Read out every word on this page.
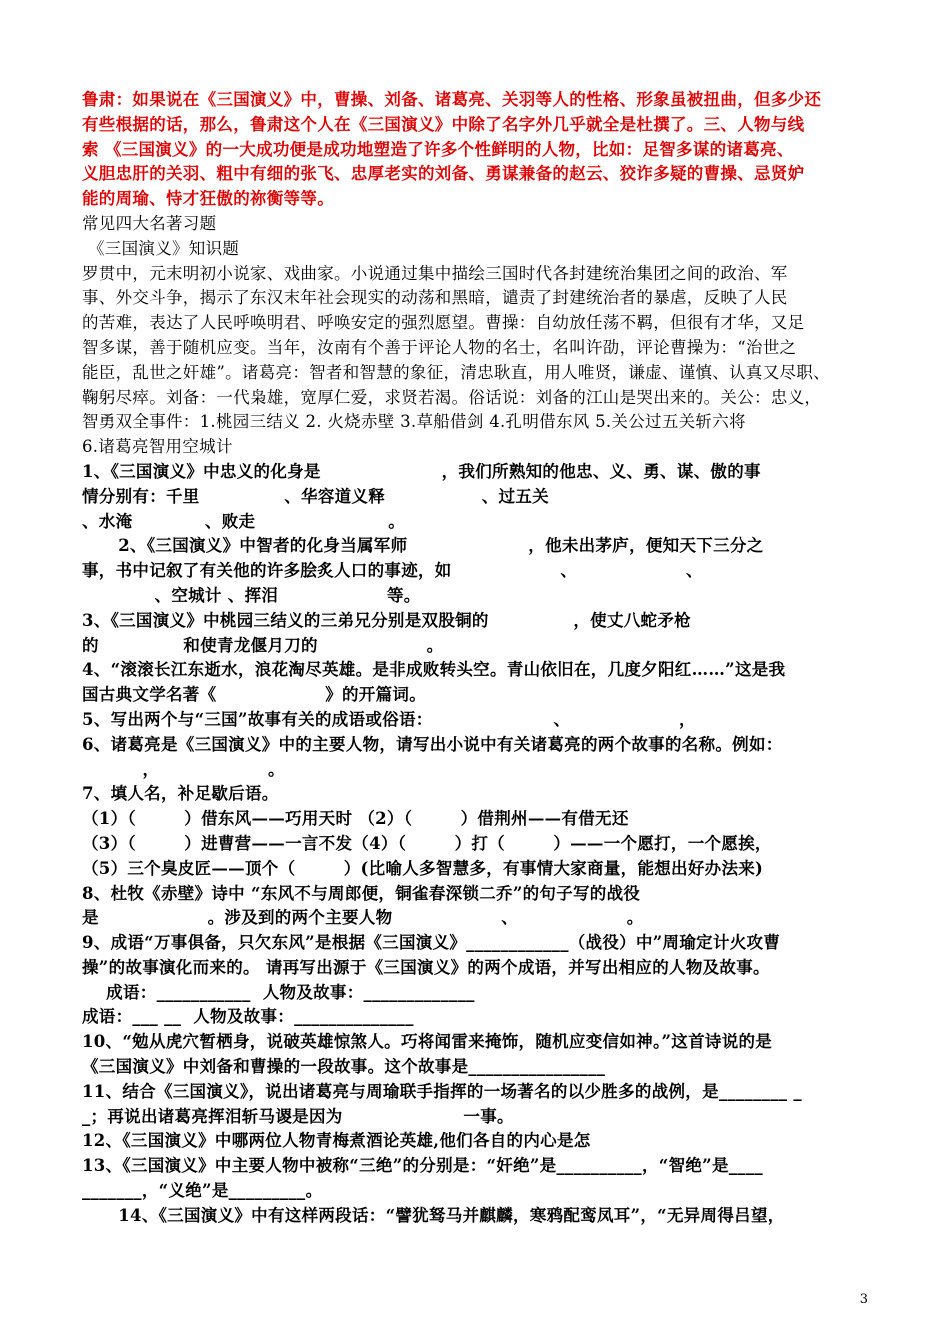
鲁肃：如果说在《三国演义》中，曹操、刘备、诸葛亮、关羽等人的性格、形象虽被扭曲，但多少还
有些根据的话，那么，鲁肃这个人在《三国演义》中除了名字外几乎就全是杜撰了。三、人物与线
索 《三国演义》的一大成功便是成功地塑造了许多个性鲜明的人物，比如：足智多谋的诸葛亮、
义胆忠肝的关羽、粗中有细的张飞、忠厚老实的刘备、勇谋兼备的赵云、狡诈多疑的曹操、忌贤妒
能的周瑜、恃才狂傲的祢衡等等。
常见四大名著习题
《三国演义》知识题
罗贯中，元末明初小说家、戏曲家。小说通过集中描绘三国时代各封建统治集团之间的政治、军
事、外交斗争，揭示了东汉末年社会现实的动荡和黑暗，谴责了封建统治者的暴虐，反映了人民
的苦难，表达了人民呼唤明君、呼唤安定的强烈愿望。曹操：自幼放任荡不羁，但很有才华，又足
智多谋，善于随机应变。当年，汝南有个善于评论人物的名士，名叫许劭，评论曹操为：“治世之
能臣，乱世之奸雄”。诸葛亮：智者和智慧的象征，清忠耿直，用人唯贤，谦虚、谨慎、认真又尽职、
鞠躬尽瘁。刘备：一代枭雄，宽厚仁爱，求贤若渴。俗话说：刘备的江山是哭出来的。关公：忠义，
智勇双全事件：1.桃园三结义 2. 火烧赤壁 3.草船借剑 4.孔明借东风 5.关公过五关斩六将
6.诸葛亮智用空城计
1、《三国演义》中忠义的化身是                    ，我们所熟知的他忠、义、勇、谋、傲的事
情分别有：千里              、华容道义释                、过五关
、水淹            、败走                      。
2、《三国演义》中智者的化身当属军师                    ，他未出茅庐，便知天下三分之
事，书中记叙了有关他的许多脍炙人口的事迹，如                  、                  、
、空城计 、挥泪                  等。
3、《三国演义》中桃园三结义的三弟兄分别是双股铜的              ，使丈八蛇矛枪
的              和使青龙偃月刀的                  。
4、“滚滚长江东逝水，浪花淘尽英雄。是非成败转头空。青山依旧在，几度夕阳红……”这是我
国古典文学名著《                  》的开篇词。
5、写出两个与“三国”故事有关的成语或俗语：                    、                  ，
6、诸葛亮是《三国演义》中的主要人物，请写出小说中有关诸葛亮的两个故事的名称。例如：
，                  。
7、填人名，补足歇后语。
（1）（        ）借东风——巧用天时 （2）（        ）借荆州——有借无还
（3）（        ）进曹营——一言不发（4）（        ）打（        ）——一个愿打，一个愿挨，
（5）三个臭皮匠——顶个（        ）(比喻人多智慧多，有事情大家商量，能想出好办法来)
8、杜牧《赤壁》诗中 “东风不与周郎便，铜雀春深锁二乔”的句子写的战役
是                  。涉及到的两个主要人物                  、                  。
9、成语“万事俱备，只欠东风”是根据《三国演义》____________（战役）中”周瑜定计火攻曹
操”的故事演化而来的。 请再写出源于《三国演义》的两个成语，并写出相应的人物及故事。
成语：___________  人物及故事：_____________
成语：___ __  人物及故事：______________
10、“勉从虎穴暂栖身，说破英雄惊煞人。巧将闻雷来掩饰，随机应变信如神。”这首诗说的是
《三国演义》中刘备和曹操的一段故事。这个故事是________________
11、结合《三国演义》，说出诸葛亮与周瑜联手指挥的一场著名的以少胜多的战例，是________ _
_；再说出诸葛亮挥泪斩马谡是因为                    一事。
12、《三国演义》中哪两位人物青梅煮酒论英雄,他们各自的内心是怎
13、《三国演义》中主要人物中被称“三绝”的分别是：“奸绝”是__________，“智绝”是____
_______，“义绝”是_________。
14、《三国演义》中有这样两段话：“譬犹驽马并麒麟，寒鸦配鸾凤耳”，“无异周得吕望，
3
